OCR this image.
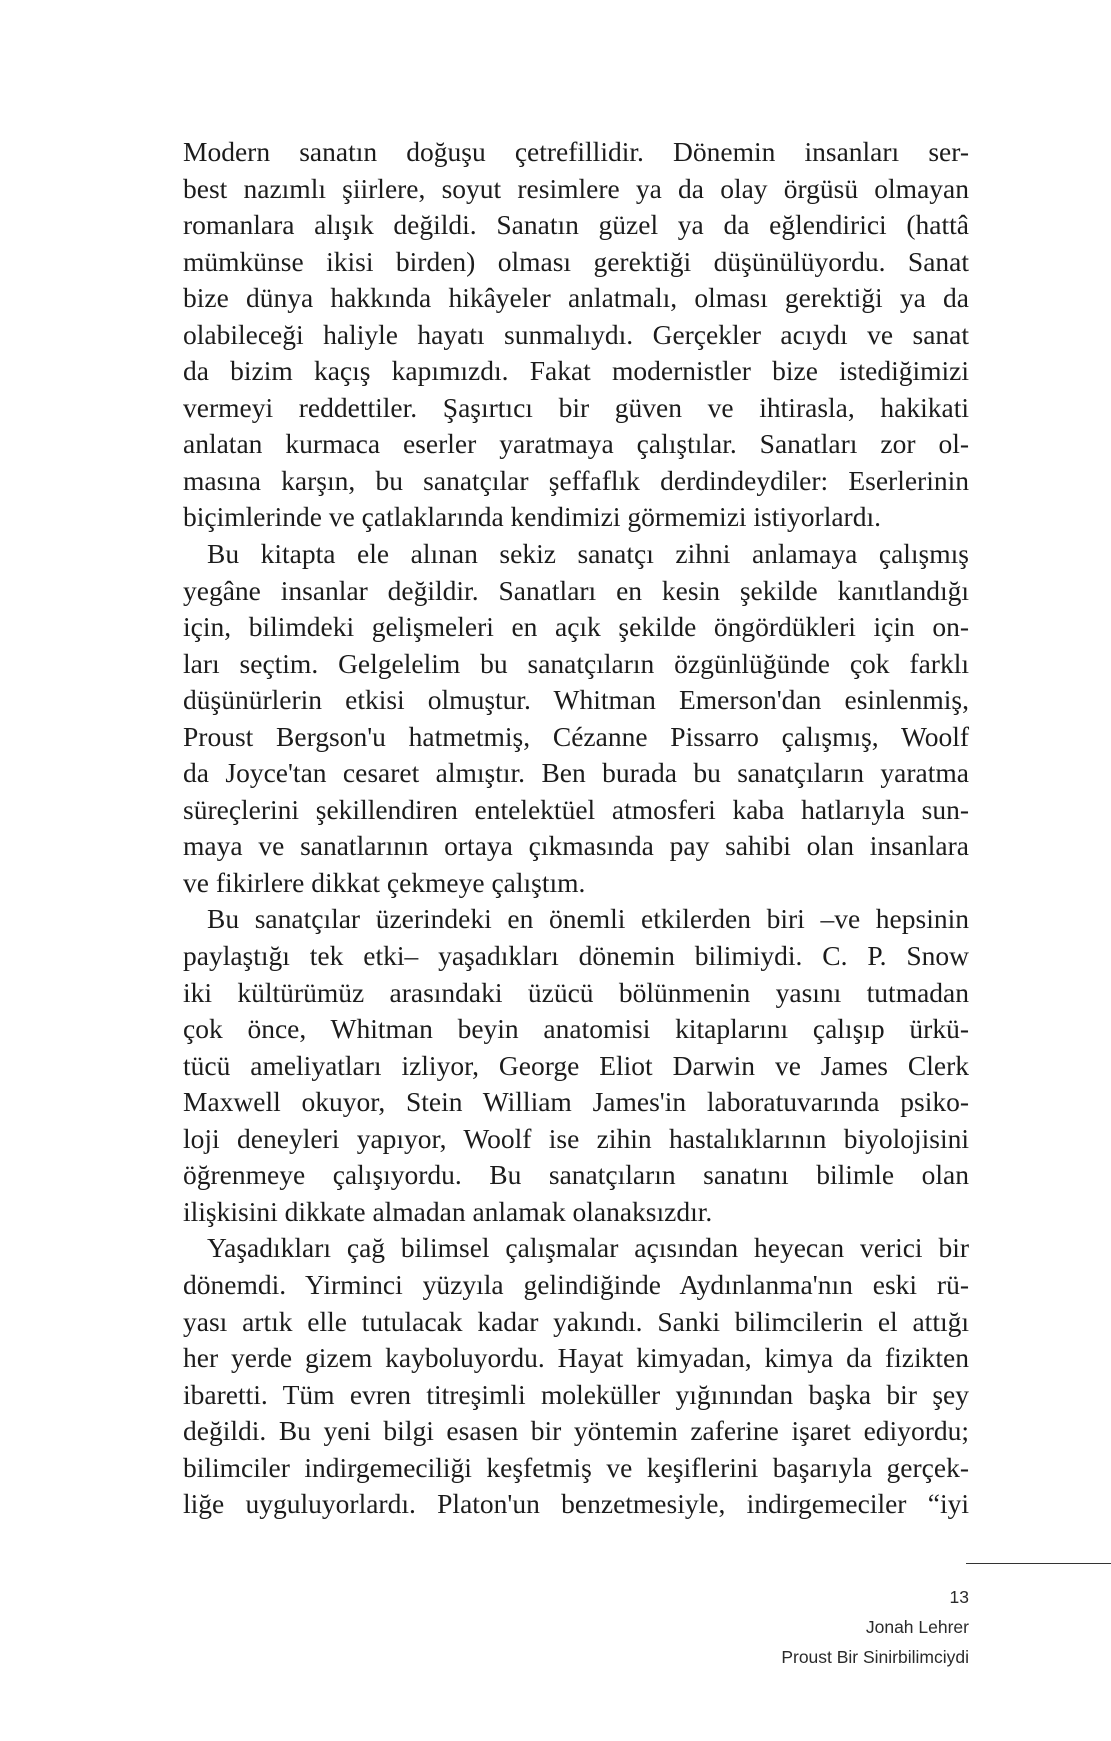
Modern sanatın doğuşu çetrefillidir. Dönemin insanları ser-
best nazımlı şiirlere, soyut resimlere ya da olay örgüsü olmayan
romanlara alışık değildi. Sanatın güzel ya da eğlendirici (hattâ
mümkünse ikisi birden) olması gerektiği düşünülüyordu. Sanat
bize dünya hakkında hikâyeler anlatmalı, olması gerektiği ya da
olabileceği haliyle hayatı sunmalıydı. Gerçekler acıydı ve sanat
da bizim kaçış kapımızdı. Fakat modernistler bize istediğimizi
vermeyi reddettiler. Şaşırtıcı bir güven ve ihtirasla, hakikati
anlatan kurmaca eserler yaratmaya çalıştılar. Sanatları zor ol-
masına karşın, bu sanatçılar şeffaflık derdindeydiler: Eserlerinin
biçimlerinde ve çatlaklarında kendimizi görmemizi istiyorlardı.
Bu kitapta ele alınan sekiz sanatçı zihni anlamaya çalışmış
yegâne insanlar değildir. Sanatları en kesin şekilde kanıtlandığı
için, bilimdeki gelişmeleri en açık şekilde öngördükleri için on-
ları seçtim. Gelgelelim bu sanatçıların özgünlüğünde çok farklı
düşünürlerin etkisi olmuştur. Whitman Emerson'dan esinlenmiş,
Proust Bergson'u hatmetmiş, Cézanne Pissarro çalışmış, Woolf
da Joyce'tan cesaret almıştır. Ben burada bu sanatçıların yaratma
süreçlerini şekillendiren entelektüel atmosferi kaba hatlarıyla sun-
maya ve sanatlarının ortaya çıkmasında pay sahibi olan insanlara
ve fikirlere dikkat çekmeye çalıştım.
Bu sanatçılar üzerindeki en önemli etkilerden biri –ve hepsinin
paylaştığı tek etki– yaşadıkları dönemin bilimiydi. C. P. Snow
iki kültürümüz arasındaki üzücü bölünmenin yasını tutmadan
çok önce, Whitman beyin anatomisi kitaplarını çalışıp ürkü-
tücü ameliyatları izliyor, George Eliot Darwin ve James Clerk
Maxwell okuyor, Stein William James'in laboratuvarında psiko-
loji deneyleri yapıyor, Woolf ise zihin hastalıklarının biyolojisini
öğrenmeye çalışıyordu. Bu sanatçıların sanatını bilimle olan
ilişkisini dikkate almadan anlamak olanaksızdır.
Yaşadıkları çağ bilimsel çalışmalar açısından heyecan verici bir
dönemdi. Yirminci yüzyıla gelindiğinde Aydınlanma'nın eski rü-
yası artık elle tutulacak kadar yakındı. Sanki bilimcilerin el attığı
her yerde gizem kayboluyordu. Hayat kimyadan, kimya da fizikten
ibaretti. Tüm evren titreşimli moleküller yığınından başka bir şey
değildi. Bu yeni bilgi esasen bir yöntemin zaferine işaret ediyordu;
bilimciler indirgemeciliği keşfetmiş ve keşiflerini başarıyla gerçek-
liğe uyguluyorlardı. Platon'un benzetmesiyle, indirgemeciler “iyi
13
Jonah Lehrer
Proust Bir Sinirbilimciydi
